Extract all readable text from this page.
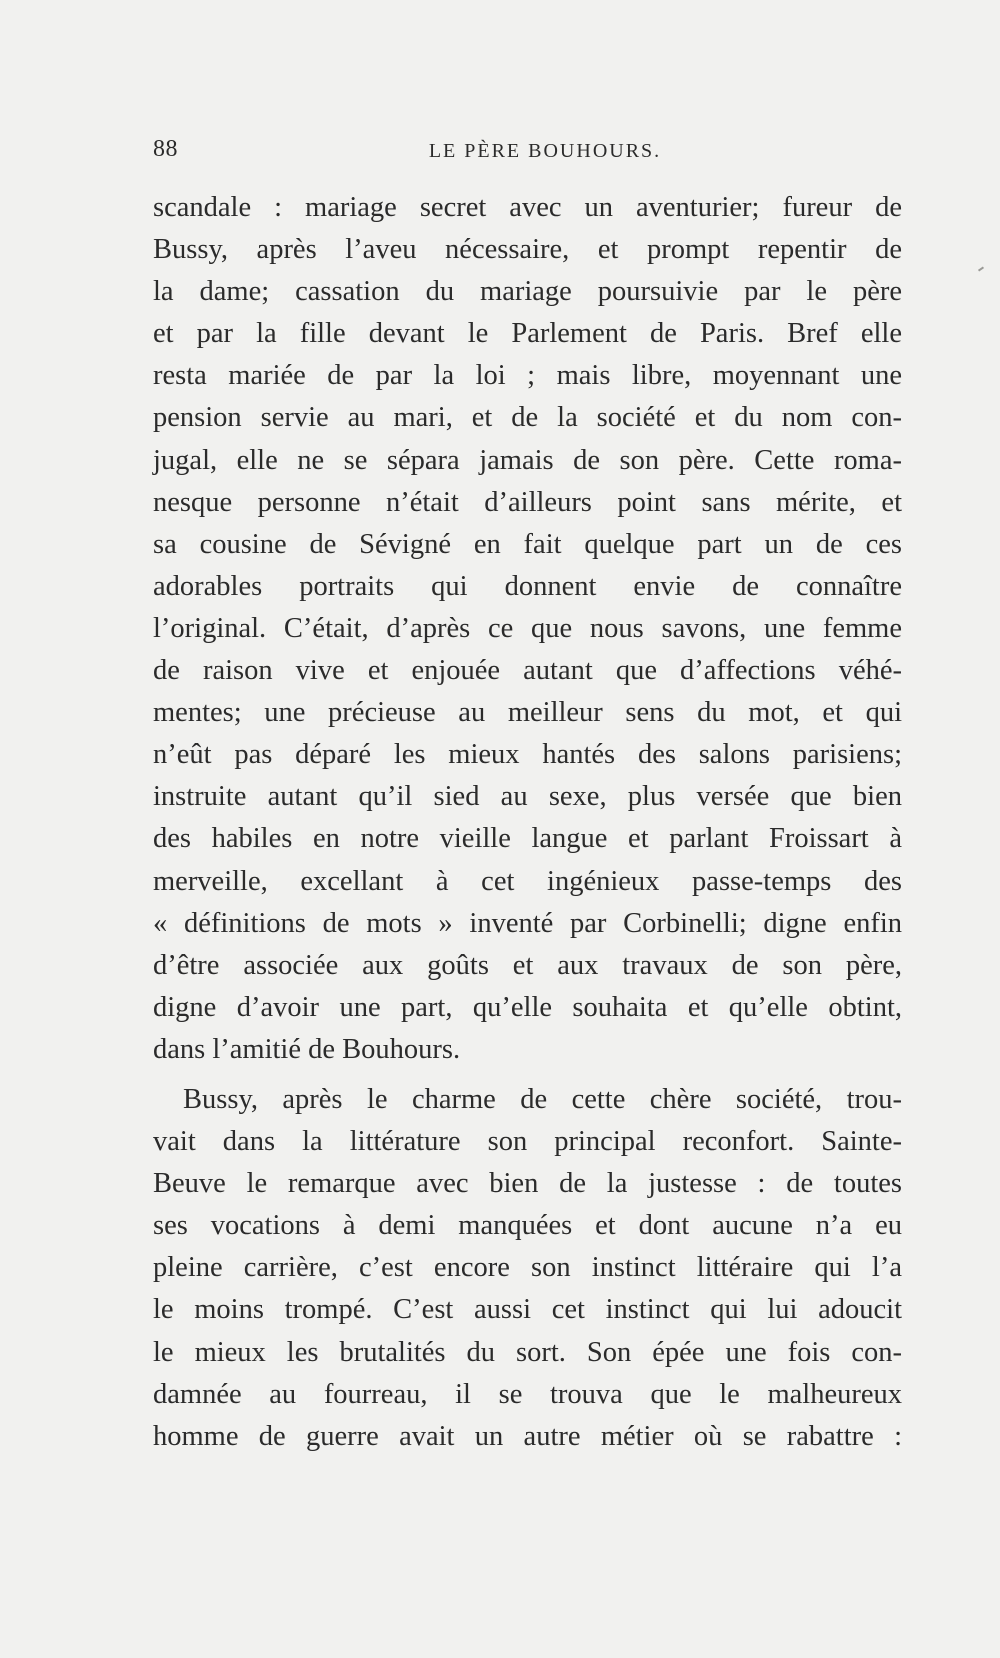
88	LE PÈRE BOUHOURS.
scandale : mariage secret avec un aventurier; fureur de
Bussy, après l’aveu nécessaire, et prompt repentir de
la dame; cassation du mariage poursuivie par le père
et par la fille devant le Parlement de Paris. Bref elle
resta mariée de par la loi ; mais libre, moyennant une
pension servie au mari, et de la société et du nom con-
jugal, elle ne se sépara jamais de son père. Cette roma-
nesque personne n’était d’ailleurs point sans mérite, et
sa cousine de Sévigné en fait quelque part un de ces
adorables portraits qui donnent envie de connaître
l’original. C’était, d’après ce que nous savons, une femme
de raison vive et enjouée autant que d’affections véhé-
mentes; une précieuse au meilleur sens du mot, et qui
n’eût pas déparé les mieux hantés des salons parisiens;
instruite autant qu’il sied au sexe, plus versée que bien
des habiles en notre vieille langue et parlant Froissart à
merveille, excellant à cet ingénieux passe-temps des
« définitions de mots » inventé par Corbinelli; digne enfin
d’être associée aux goûts et aux travaux de son père,
digne d’avoir une part, qu’elle souhaita et qu’elle obtint,
dans l’amitié de Bouhours.
Bussy, après le charme de cette chère société, trou-
vait dans la littérature son principal reconfort. Sainte-
Beuve le remarque avec bien de la justesse : de toutes
ses vocations à demi manquées et dont aucune n’a eu
pleine carrière, c’est encore son instinct littéraire qui l’a
le moins trompé. C’est aussi cet instinct qui lui adoucit
le mieux les brutalités du sort. Son épée une fois con-
damnée au fourreau, il se trouva que le malheureux
homme de guerre avait un autre métier où se rabattre :
